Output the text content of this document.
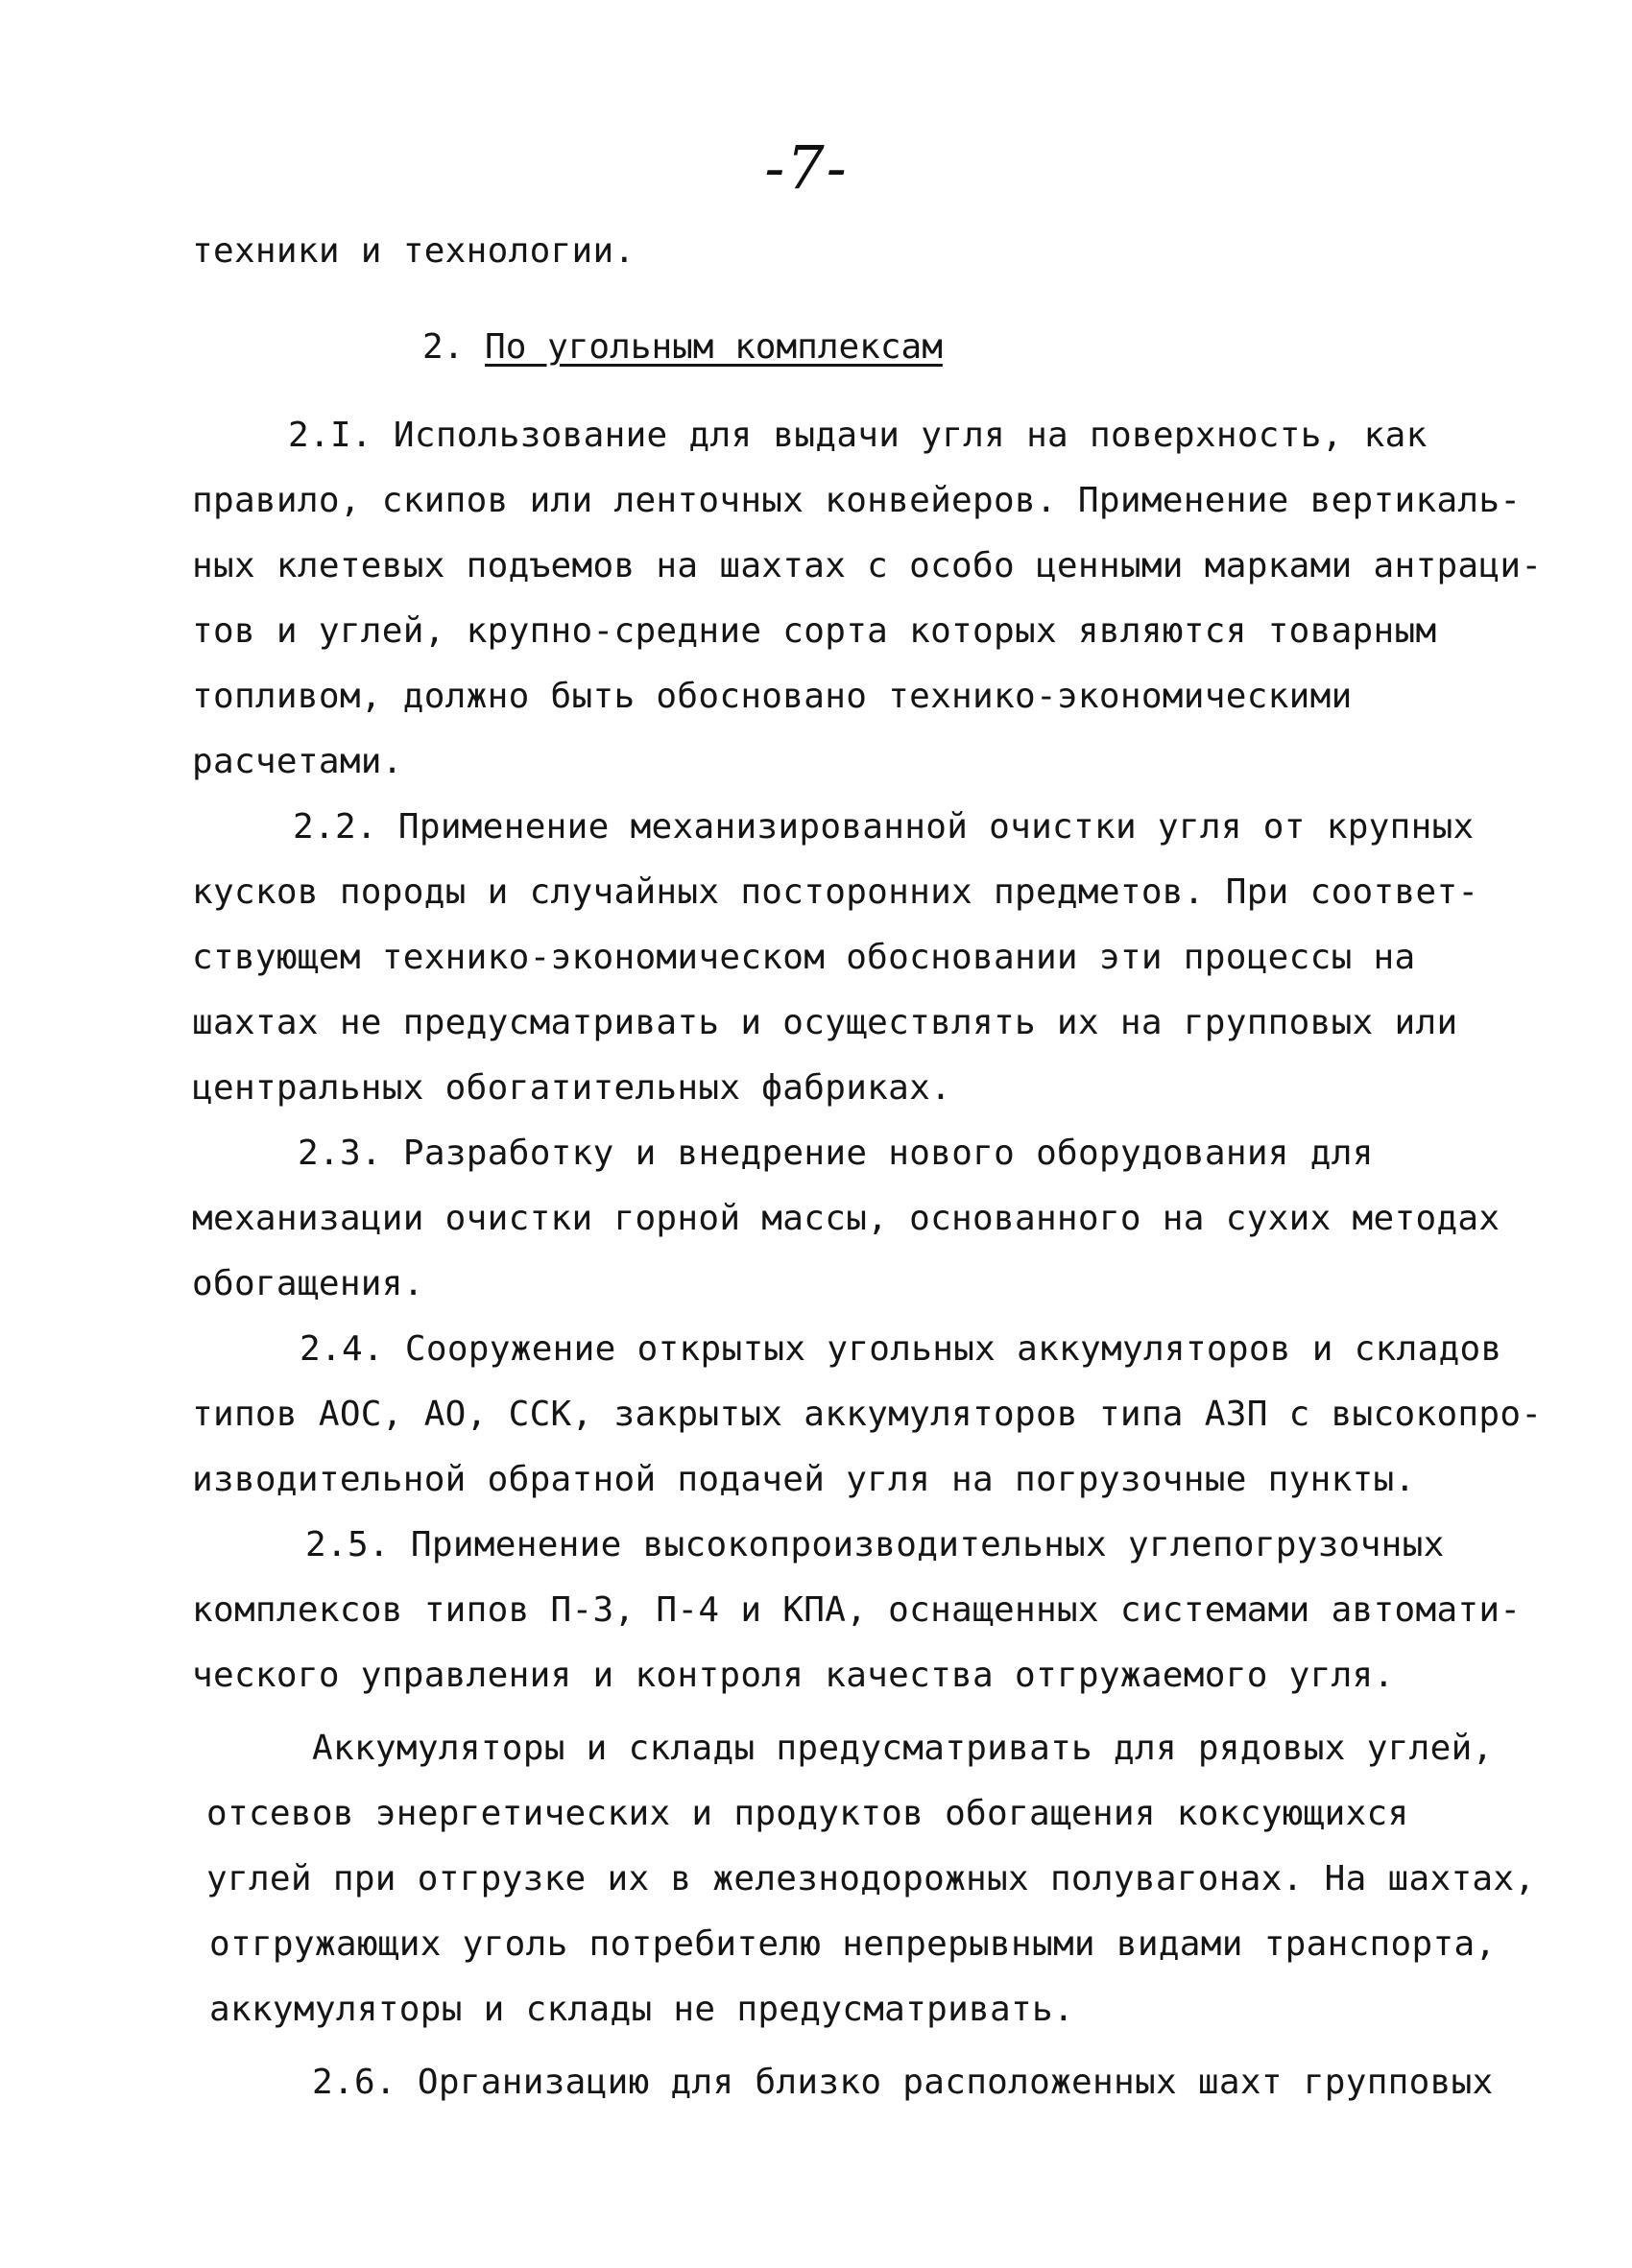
-7-
техники и технологии.
2. По угольным комплексам
2.I. Использование для выдачи угля на поверхность, как
правило, скипов или ленточных конвейеров. Применение вертикаль-
ных клетевых подъемов на шахтах с особо ценными марками антраци-
тов и углей, крупно-средние сорта которых являются товарным
топливом, должно быть обосновано технико-экономическими
расчетами.
2.2. Применение механизированной очистки угля от крупных
кусков породы и случайных посторонних предметов. При соответ-
ствующем технико-экономическом обосновании эти процессы на
шахтах не предусматривать и осуществлять их на групповых или
центральных обогатительных фабриках.
2.3. Разработку и внедрение нового оборудования для
механизации очистки горной массы, основанного на сухих методах
обогащения.
2.4. Сооружение открытых угольных аккумуляторов и складов
типов АОС, АО, ССК, закрытых аккумуляторов типа АЗП с высокопро-
изводительной обратной подачей угля на погрузочные пункты.
2.5. Применение высокопроизводительных углепогрузочных
комплексов типов П-3, П-4 и КПА, оснащенных системами автомати-
ческого управления и контроля качества отгружаемого угля.
Аккумуляторы и склады предусматривать для рядовых углей,
отсевов энергетических и продуктов обогащения коксующихся
углей при отгрузке их в железнодорожных полувагонах. На шахтах,
отгружающих уголь потребителю непрерывными видами транспорта,
аккумуляторы и склады не предусматривать.
2.6. Организацию для близко расположенных шахт групповых
